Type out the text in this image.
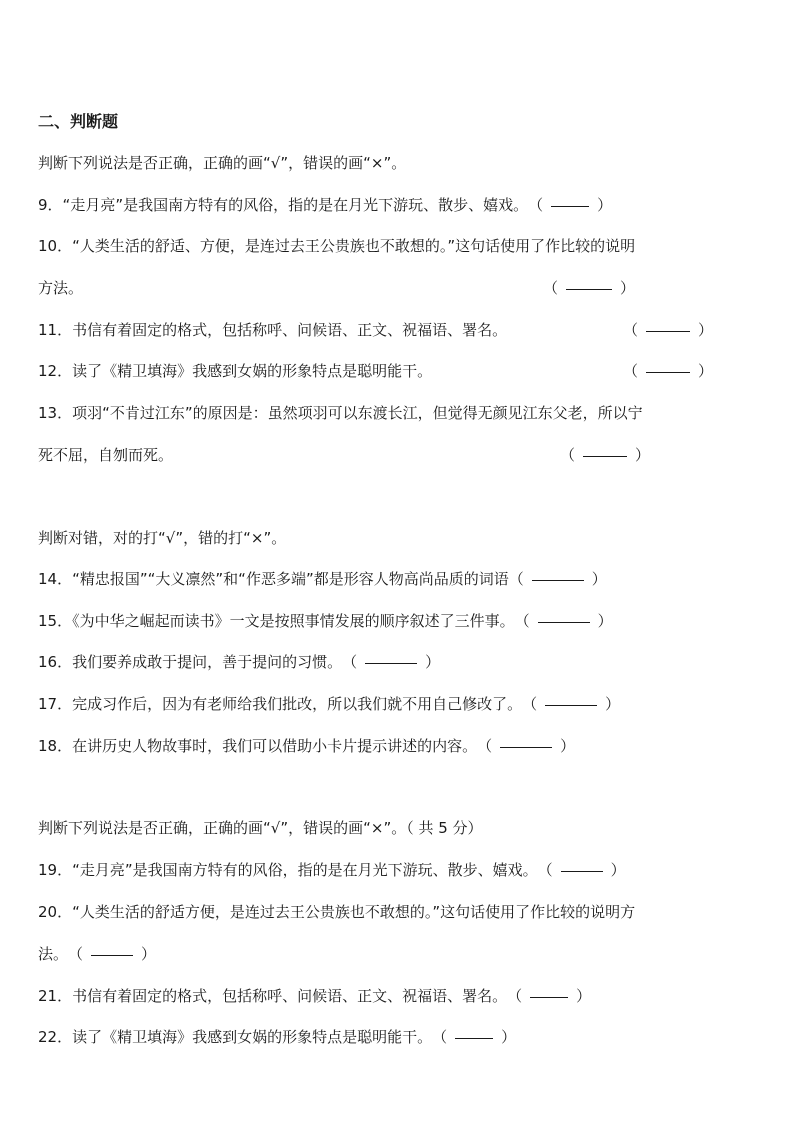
二、判断题
判断下列说法是否正确，正确的画“√”，错误的画“×”。
9．“走月亮”是我国南方特有的风俗，指的是在月光下游玩、散步、嬉戏。（	）
10．“人类生活的舒适、方便，是连过去王公贵族也不敢想的。”这句话使用了作比较的说明
方法。	（	）
11．书信有着固定的格式，包括称呼、问候语、正文、祝福语、署名。	（	）
12．读了《精卫填海》我感到女娲的形象特点是聪明能干。	（	）
13．项羽“不肯过江东”的原因是：虽然项羽可以东渡长江，但觉得无颜见江东父老，所以宁
死不屈，自刎而死。	（	）
判断对错，对的打“√”，错的打“×”。
14．“精忠报国”“大义凛然”和“作恶多端”都是形容人物高尚品质的词语（	）
15．《为中华之崛起而读书》一文是按照事情发展的顺序叙述了三件事。（	）
16．我们要养成敢于提问，善于提问的习惯。（	）
17．完成习作后，因为有老师给我们批改，所以我们就不用自己修改了。（	）
18．在讲历史人物故事时，我们可以借助小卡片提示讲述的内容。（	）
判断下列说法是否正确，正确的画“√”，错误的画“×”。（ 共 5 分）
19．“走月亮”是我国南方特有的风俗，指的是在月光下游玩、散步、嬉戏。（	）
20．“人类生活的舒适方便，是连过去王公贵族也不敢想的。”这句话使用了作比较的说明方
法。（	）
21．书信有着固定的格式，包括称呼、问候语、正文、祝福语、署名。（	）
22．读了《精卫填海》我感到女娲的形象特点是聪明能干。（	）
